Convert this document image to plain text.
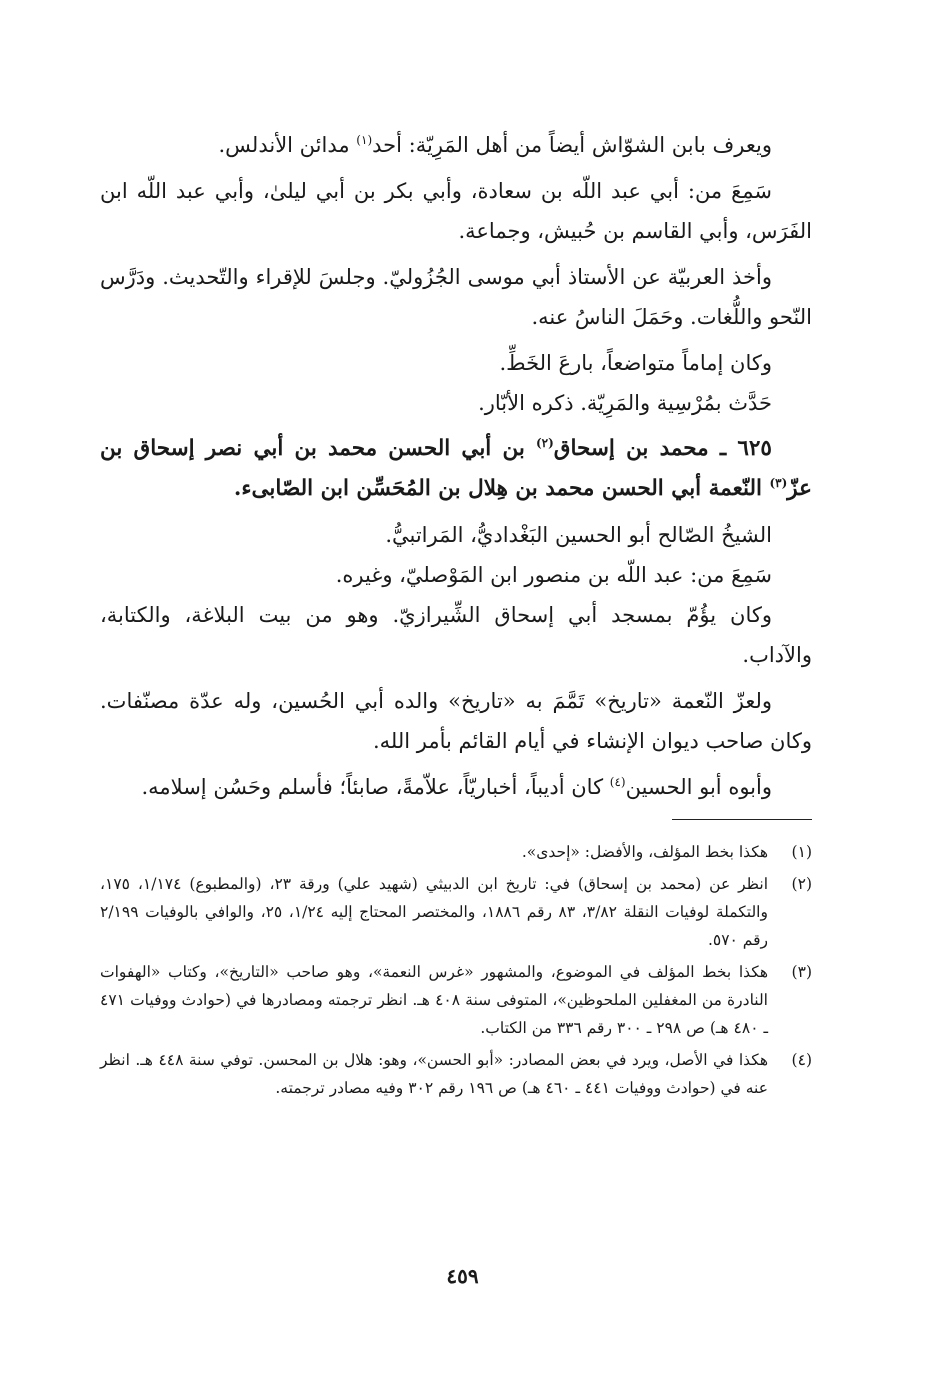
ويعرف بابن الشوّاش أيضاً من أهل المَرِيّة: أحد$^{(١)}$ مدائن الأندلس.

سَمِعَ من: أبي عبد اللّه بن سعادة، وأبي بكر بن أبي ليلىٰ، وأبي عبد اللّه ابن الفَرَس، وأبي القاسم بن حُبيش، وجماعة.

وأخذ العربيّة عن الأستاذ أبي موسى الجُزُوليّ. وجلسَ للإقراء والتّحديث. ودَرَّس النّحو واللُّغات. وحَمَلَ الناسُ عنه.

وكان إماماً متواضعاً، بارعَ الخَطِّ.

حَدَّث بمُرْسِية والمَرِيّة. ذكره الأبّار.

٦٢٥ ـ محمد بن إسحاق$^{(٢)}$ بن أبي الحسن محمد بن أبي نصر إسحاق بن عزّ$^{(٣)}$ النّعمة أبي الحسن محمد بن هِلال بن المُحَسِّن ابن الصّابىء.

الشيخُ الصّالح أبو الحسين البَغْداديُّ، المَراتبيُّ.

سَمِعَ من: عبد اللّه بن منصور ابن المَوْصليّ، وغيره.

وكان يؤُمّ بمسجد أبي إسحاق الشِّيرازيّ. وهو من بيت البلاغة، والكتابة، والآداب.

ولعزّ النّعمة «تاريخ» تَمَّمَ به «تاريخ» والده أبي الحُسين، وله عدّة مصنّفات. وكان صاحب ديوان الإنشاء في أيام القائم بأمر الله.

وأبوه أبو الحسين$^{(٤)}$ كان أديباً، أخباريّاً، علاّمةً، صابئاً؛ فأسلم وحَسُن إسلامه.

(١)
هكذا بخط المؤلف، والأفضل: «إحدى».
(٢)
انظر عن (محمد بن إسحاق) في: تاريخ ابن الدبيثي (شهيد علي) ورقة ٢٣، (والمطبوع) ١/١٧٤، ١٧٥، والتكملة لوفيات النقلة ٣/٨٢، ٨٣ رقم ١٨٨٦، والمختصر المحتاج إليه ١/٢٤، ٢٥، والوافي بالوفيات ٢/١٩٩ رقم ٥٧٠.
(٣)
هكذا بخط المؤلف في الموضوع، والمشهور «غرس النعمة»، وهو صاحب «التاريخ»، وكتاب «الهفوات النادرة من المغفلين الملحوظين»، المتوفى سنة ٤٠٨ هـ. انظر ترجمته ومصادرها في (حوادث ووفيات ٤٧١ ـ ٤٨٠ هـ) ص ٢٩٨ ـ ٣٠٠ رقم ٣٣٦ من الكتاب.
(٤)
هكذا في الأصل، ويرد في بعض المصادر: «أبو الحسن»، وهو: هلال بن المحسن. توفي سنة ٤٤٨ هـ. انظر عنه في (حوادث ووفيات ٤٤١ ـ ٤٦٠ هـ) ص ١٩٦ رقم ٣٠٢ وفيه مصادر ترجمته.
٤٥٩
